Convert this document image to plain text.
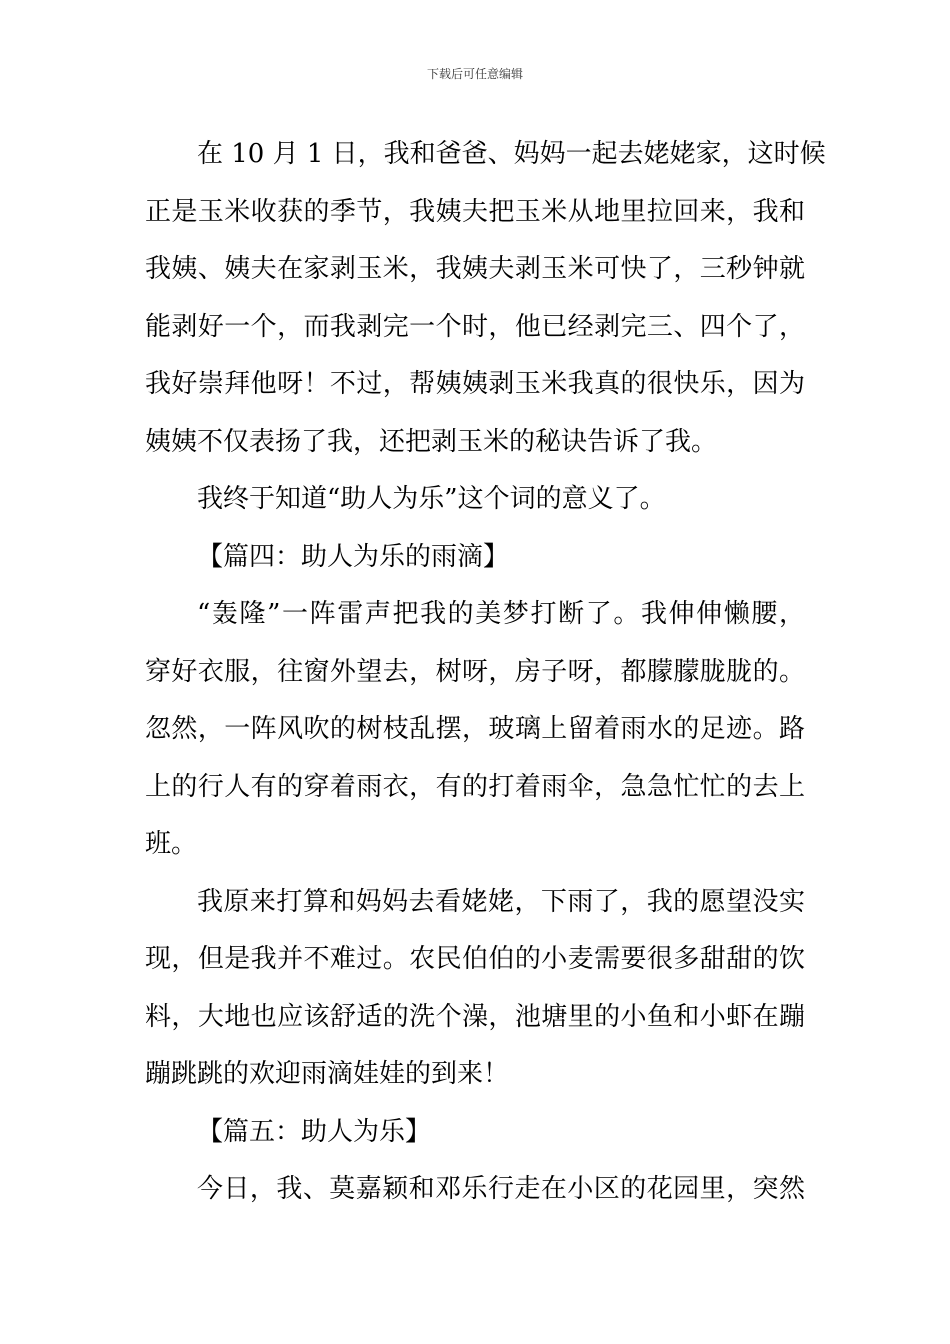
下载后可任意编辑
在 10 月 1 日，我和爸爸、妈妈一起去姥姥家，这时候
正是玉米收获的季节，我姨夫把玉米从地里拉回来，我和
我姨、姨夫在家剥玉米，我姨夫剥玉米可快了，三秒钟就
能剥好一个，而我剥完一个时，他已经剥完三、四个了，
我好崇拜他呀！不过，帮姨姨剥玉米我真的很快乐，因为
姨姨不仅表扬了我，还把剥玉米的秘诀告诉了我。
我终于知道“助人为乐”这个词的意义了。
【篇四：助人为乐的雨滴】
“轰隆”一阵雷声把我的美梦打断了。我伸伸懒腰，
穿好衣服，往窗外望去，树呀，房子呀，都朦朦胧胧的。
忽然，一阵风吹的树枝乱摆，玻璃上留着雨水的足迹。路
上的行人有的穿着雨衣，有的打着雨伞，急急忙忙的去上
班。
我原来打算和妈妈去看姥姥，下雨了，我的愿望没实
现，但是我并不难过。农民伯伯的小麦需要很多甜甜的饮
料，大地也应该舒适的洗个澡，池塘里的小鱼和小虾在蹦
蹦跳跳的欢迎雨滴娃娃的到来！
【篇五：助人为乐】
今日，我、莫嘉颖和邓乐行走在小区的花园里，突然
